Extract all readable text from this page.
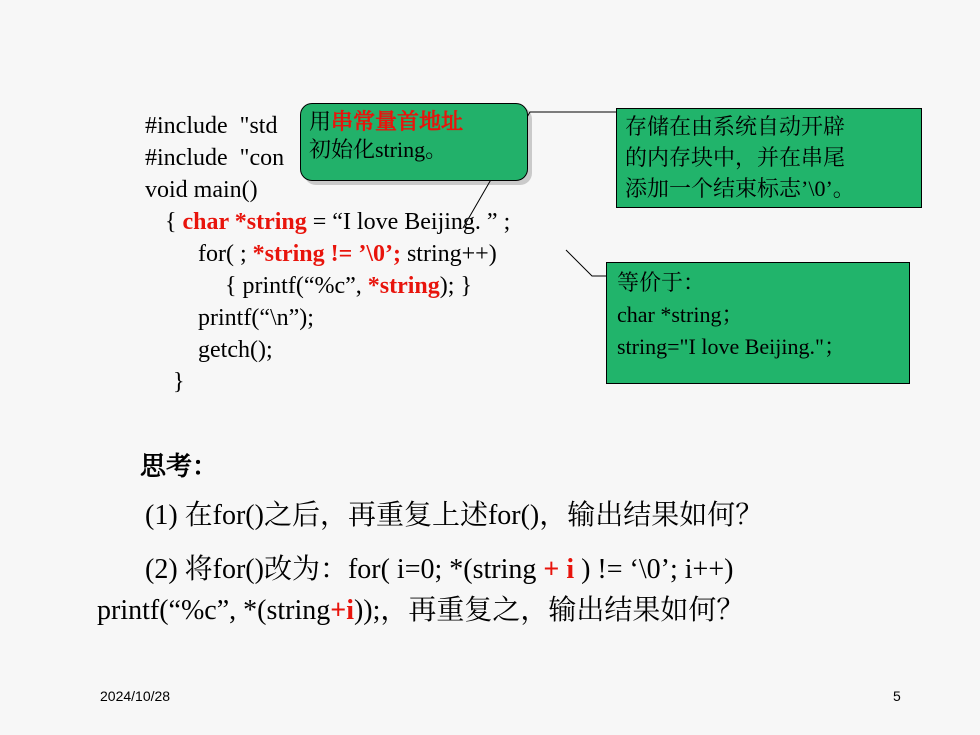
#include  "std

#include  "con

void main()

{ char *string = “I love Beijing. ” ;

for( ; *string != ’\0’; string++)

{ printf(“%c”, *string); }

printf(“\n”);

getch();

}

用串常量首地址
初始化string。
存储在由系统自动开辟
的内存块中，并在串尾
添加一个结束标志’\0’。
等价于：
char *string；
string="I love Beijing."；
思考：
(1) 在for()之后，再重复上述for()，输出结果如何？
(2) 将for()改为：for( i=0; *(string + i ) != ‘\0’; i++)
printf(“%c”, *(string+i));，再重复之，输出结果如何？
2024/10/28	5
